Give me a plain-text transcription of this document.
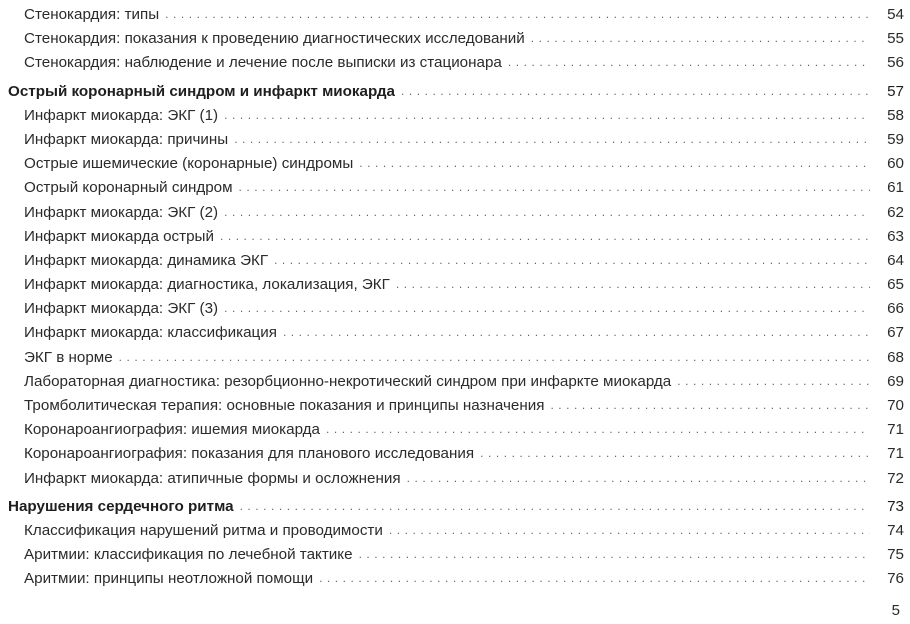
Стенокардия: типы . . .	54
Стенокардия: показания к проведению диагностических исследований . . .	55
Стенокардия: наблюдение и лечение после выписки из стационара . . .	56
Острый коронарный синдром и инфаркт миокарда . . .	57
Инфаркт миокарда: ЭКГ (1) . . .	58
Инфаркт миокарда: причины . . .	59
Острые ишемические (коронарные) синдромы . . .	60
Острый коронарный синдром . . .	61
Инфаркт миокарда: ЭКГ (2) . . .	62
Инфаркт миокарда острый . . .	63
Инфаркт миокарда: динамика ЭКГ . . .	64
Инфаркт миокарда: диагностика, локализация, ЭКГ . . .	65
Инфаркт миокарда: ЭКГ (3) . . .	66
Инфаркт миокарда: классификация . . .	67
ЭКГ в норме . . .	68
Лабораторная диагностика: резорбционно-некротический синдром при инфаркте миокарда . . .	69
Тромболитическая терапия: основные показания и принципы назначения . . .	70
Коронароангиография: ишемия миокарда . . .	71
Коронароангиография: показания для планового исследования . . .	71
Инфаркт миокарда: атипичные формы и осложнения . . .	72
Нарушения сердечного ритма . . .	73
Классификация нарушений ритма и проводимости . . .	74
Аритмии: классификация по лечебной тактике . . .	75
Аритмии: принципы неотложной помощи . . .	76
5
